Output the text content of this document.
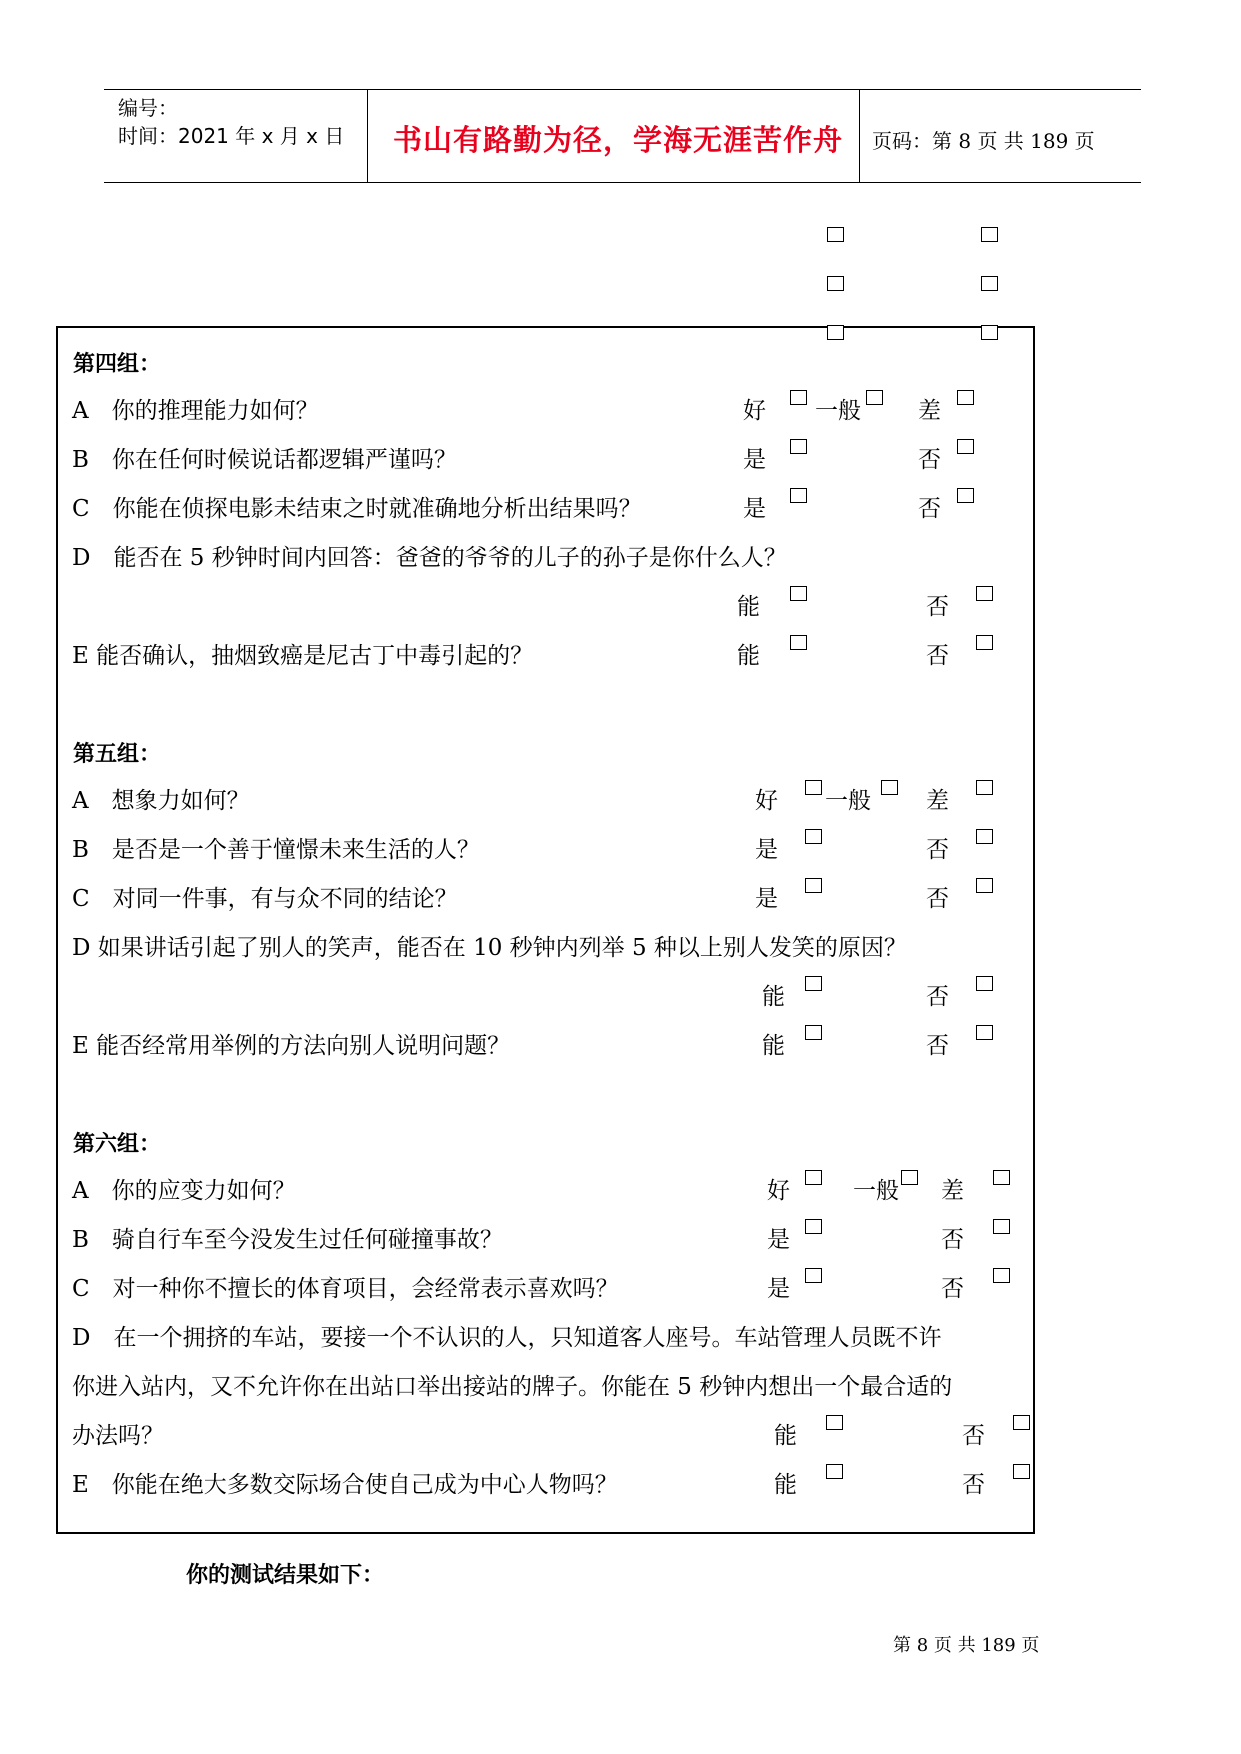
编号：
时间：2021 年 x 月 x 日 书山有路勤为径，学海无涯苦作舟 页码：第 8 页 共 189 页
第四组：
A　你的推理能力如何？	好 一般 差
B　你在任何时候说话都逻辑严谨吗？	是	否
C　你能在侦探电影未结束之时就准确地分析出结果吗？	是	否
D　能否在 5 秒钟时间内回答：爸爸的爷爷的儿子的孙子是你什么人？
能	否
E 能否确认，抽烟致癌是尼古丁中毒引起的？	能	否
第五组：
A　想象力如何？	好 一般 差
B　是否是一个善于憧憬未来生活的人？	是	否
C　对同一件事，有与众不同的结论？	是	否
D 如果讲话引起了别人的笑声，能否在 10 秒钟内列举 5 种以上别人发笑的原因？
能	否
E 能否经常用举例的方法向别人说明问题？	能	否
第六组：
A　你的应变力如何？	好	一般 差
B　骑自行车至今没发生过任何碰撞事故？	是	否
C　对一种你不擅长的体育项目，会经常表示喜欢吗？	是	否
D　在一个拥挤的车站，要接一个不认识的人，只知道客人座号。车站管理人员既不许
你进入站内，又不允许你在出站口举出接站的牌子。你能在 5 秒钟内想出一个最合适的
办法吗？	能	否
E　你能在绝大多数交际场合使自己成为中心人物吗？	能	否
你的测试结果如下：
第 8 页 共 189 页
